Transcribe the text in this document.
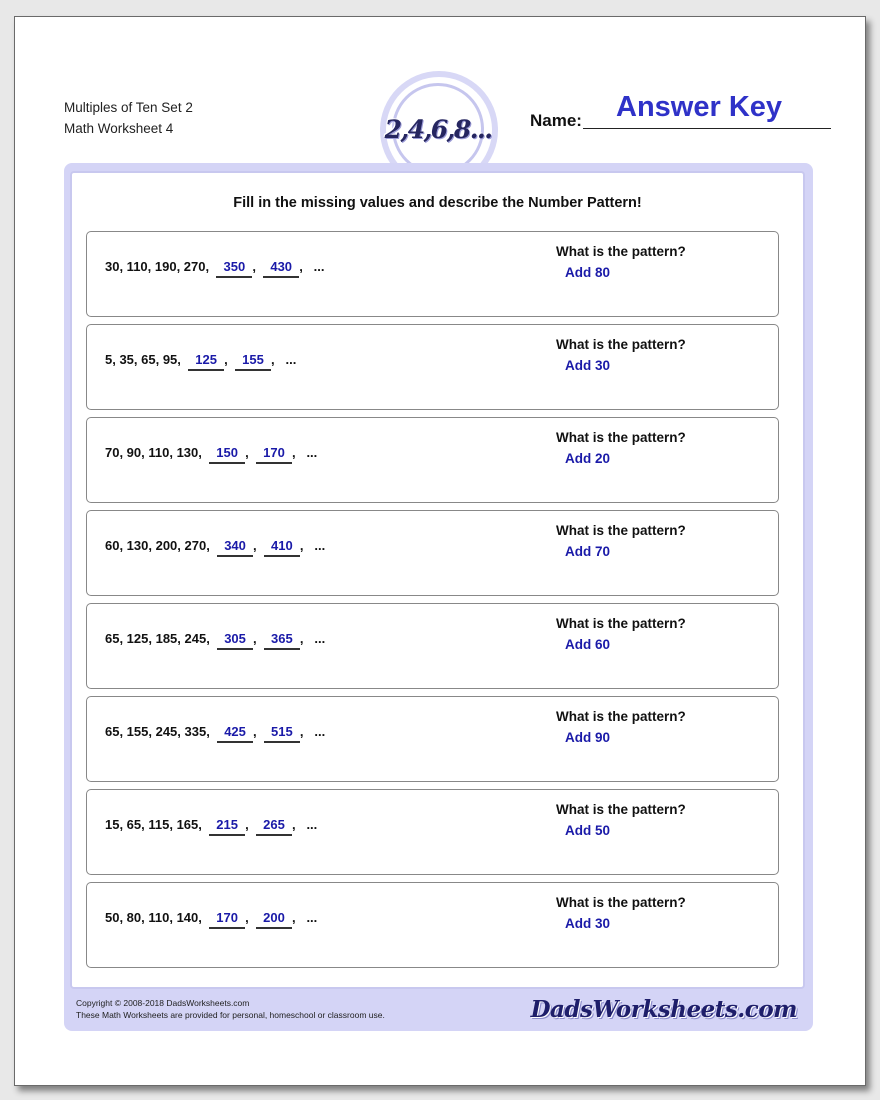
Multiples of Ten Set 2
Math Worksheet 4	2,4,6,8...
Answer Key
Name:
Fill in the missing values and describe the Number Pattern!
30, 110, 190, 270, 350 , 430 , ...
What is the pattern?
Add 80
5, 35, 65, 95, 125 , 155 , ...
What is the pattern?
Add 30
70, 90, 110, 130, 150 , 170 , ...
What is the pattern?
Add 20
60, 130, 200, 270, 340 , 410 , ...
What is the pattern?
Add 70
65, 125, 185, 245, 305 , 365 , ...
What is the pattern?
Add 60
65, 155, 245, 335, 425 , 515 , ...
What is the pattern?
Add 90
15, 65, 115, 165, 215 , 265 , ...
What is the pattern?
Add 50
50, 80, 110, 140, 170 , 200 , ...
What is the pattern?
Add 30
Copyright © 2008-2018 DadsWorksheets.com
These Math Worksheets are provided for personal, homeschool or classroom use.	DadsWorksheets.com
